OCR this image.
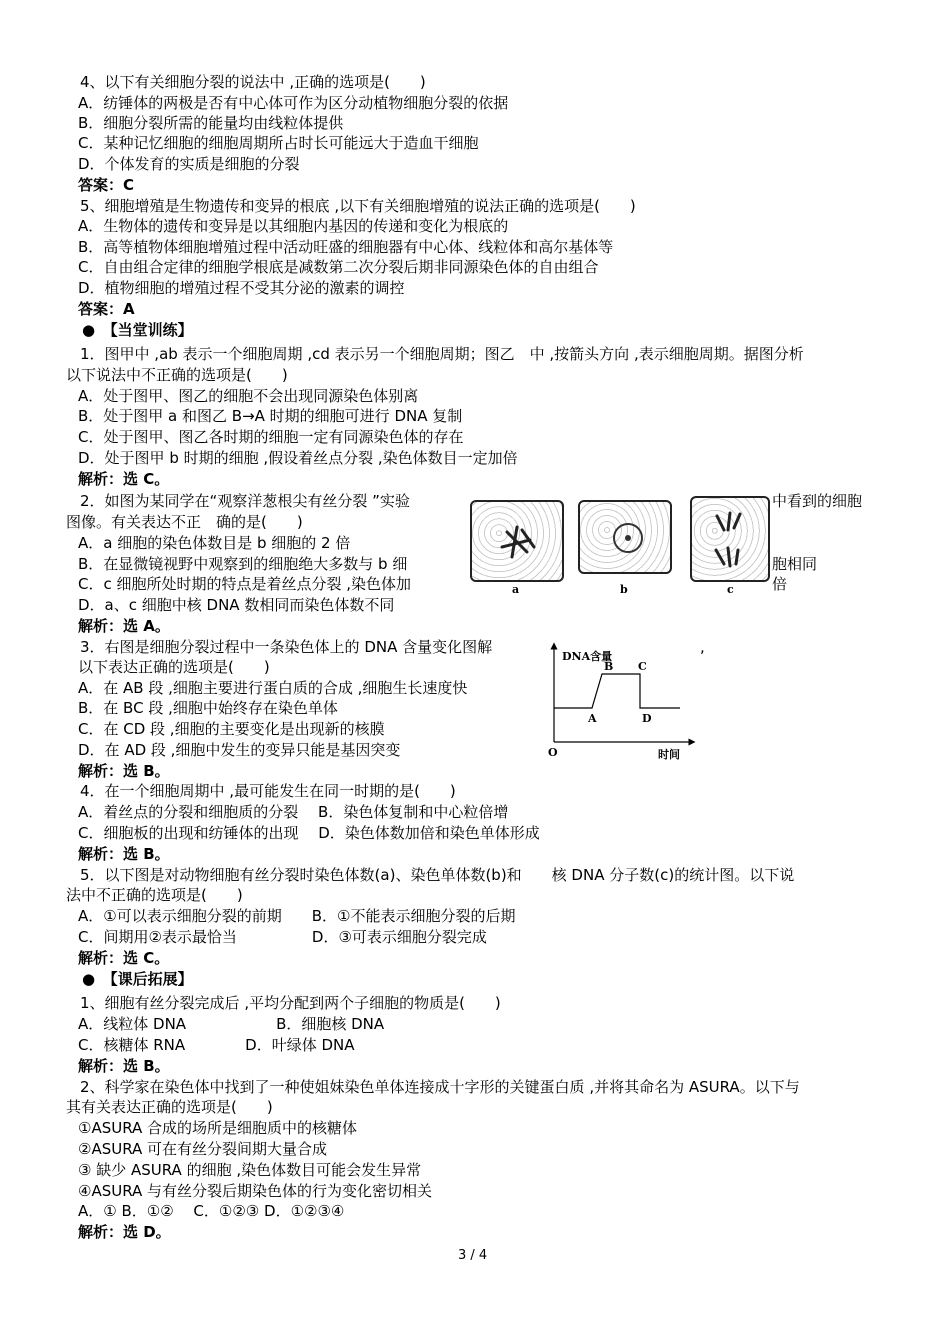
4、以下有关细胞分裂的说法中 ,正确的选项是(　　)
A．纺锤体的两极是否有中心体可作为区分动植物细胞分裂的依据
B．细胞分裂所需的能量均由线粒体提供
C．某种记忆细胞的细胞周期所占时长可能远大于造血干细胞
D．个体发育的实质是细胞的分裂
答案：C
5、细胞增殖是生物遗传和变异的根底 ,以下有关细胞增殖的说法正确的选项是(　　)
A．生物体的遗传和变异是以其细胞内基因的传递和变化为根底的
B．高等植物体细胞增殖过程中活动旺盛的细胞器有中心体、线粒体和高尔基体等
C．自由组合定律的细胞学根底是减数第二次分裂后期非同源染色体的自由组合
D．植物细胞的增殖过程不受其分泌的激素的调控
答案：A
●　【当堂训练】
1．图甲中 ,ab 表示一个细胞周期 ,cd 表示另一个细胞周期；图乙　中 ,按箭头方向 ,表示细胞周期。据图分析
以下说法中不正确的选项是(　　)
A．处于图甲、图乙的细胞不会出现同源染色体别离
B．处于图甲 a 和图乙 B→A 时期的细胞可进行 DNA 复制
C．处于图甲、图乙各时期的细胞一定有同源染色体的存在
D．处于图甲 b 时期的细胞 ,假设着丝点分裂 ,染色体数目一定加倍
解析：选 C。
2．如图为某同学在“观察洋葱根尖有丝分裂 ”实验
图像。有关表达不正　确的是(　　)
A．a 细胞的染色体数目是 b 细胞的 2 倍
B．在显微镜视野中观察到的细胞绝大多数与 b 细
C．c 细胞所处时期的特点是着丝点分裂 ,染色体加
D．a、c 细胞中核 DNA 数相同而染色体数不同
中看到的细胞
胞相同
倍
解析：选 A。
a	b	c
3．右图是细胞分裂过程中一条染色体上的 DNA 含量变化图解	,
以下表达正确的选项是(　　)
A．在 AB 段 ,细胞主要进行蛋白质的合成 ,细胞生长速度快
B．在 BC 段 ,细胞中始终存在染色单体
C．在 CD 段 ,细胞的主要变化是出现新的核膜
D．在 AD 段 ,细胞中发生的变异只能是基因突变
解析：选 B。
DNA含量
时间
O
A
B C
D
4．在一个细胞周期中 ,最可能发生在同一时期的是(　　)
A．着丝点的分裂和细胞质的分裂　 B．染色体复制和中心粒倍增
C．细胞板的出现和纺锤体的出现　 D．染色体数加倍和染色单体形成
解析：选 B。
5．以下图是对动物细胞有丝分裂时染色体数(a)、染色单体数(b)和　　核 DNA 分子数(c)的统计图。以下说
法中不正确的选项是(　　)
A．①可以表示细胞分裂的前期　　B．①不能表示细胞分裂的后期
C．间期用②表示最恰当　　　　　D．③可表示细胞分裂完成
解析：选 C。
●　【课后拓展】
1、细胞有丝分裂完成后 ,平均分配到两个子细胞的物质是(　　)
A．线粒体 DNA　　　　　　B．细胞核 DNA
C．核糖体 RNA　　　　D．叶绿体 DNA
解析：选 B。
2、科学家在染色体中找到了一种使姐妹染色单体连接成十字形的关键蛋白质 ,并将其命名为 ASURA。以下与
其有关表达正确的选项是(　　)
①ASURA 合成的场所是细胞质中的核糖体
②ASURA 可在有丝分裂间期大量合成
③ 缺少 ASURA 的细胞 ,染色体数目可能会发生异常
④ASURA 与有丝分裂后期染色体的行为变化密切相关
A．① B．①②　 C．①②③ D．①②③④
解析：选 D。
3 / 4
